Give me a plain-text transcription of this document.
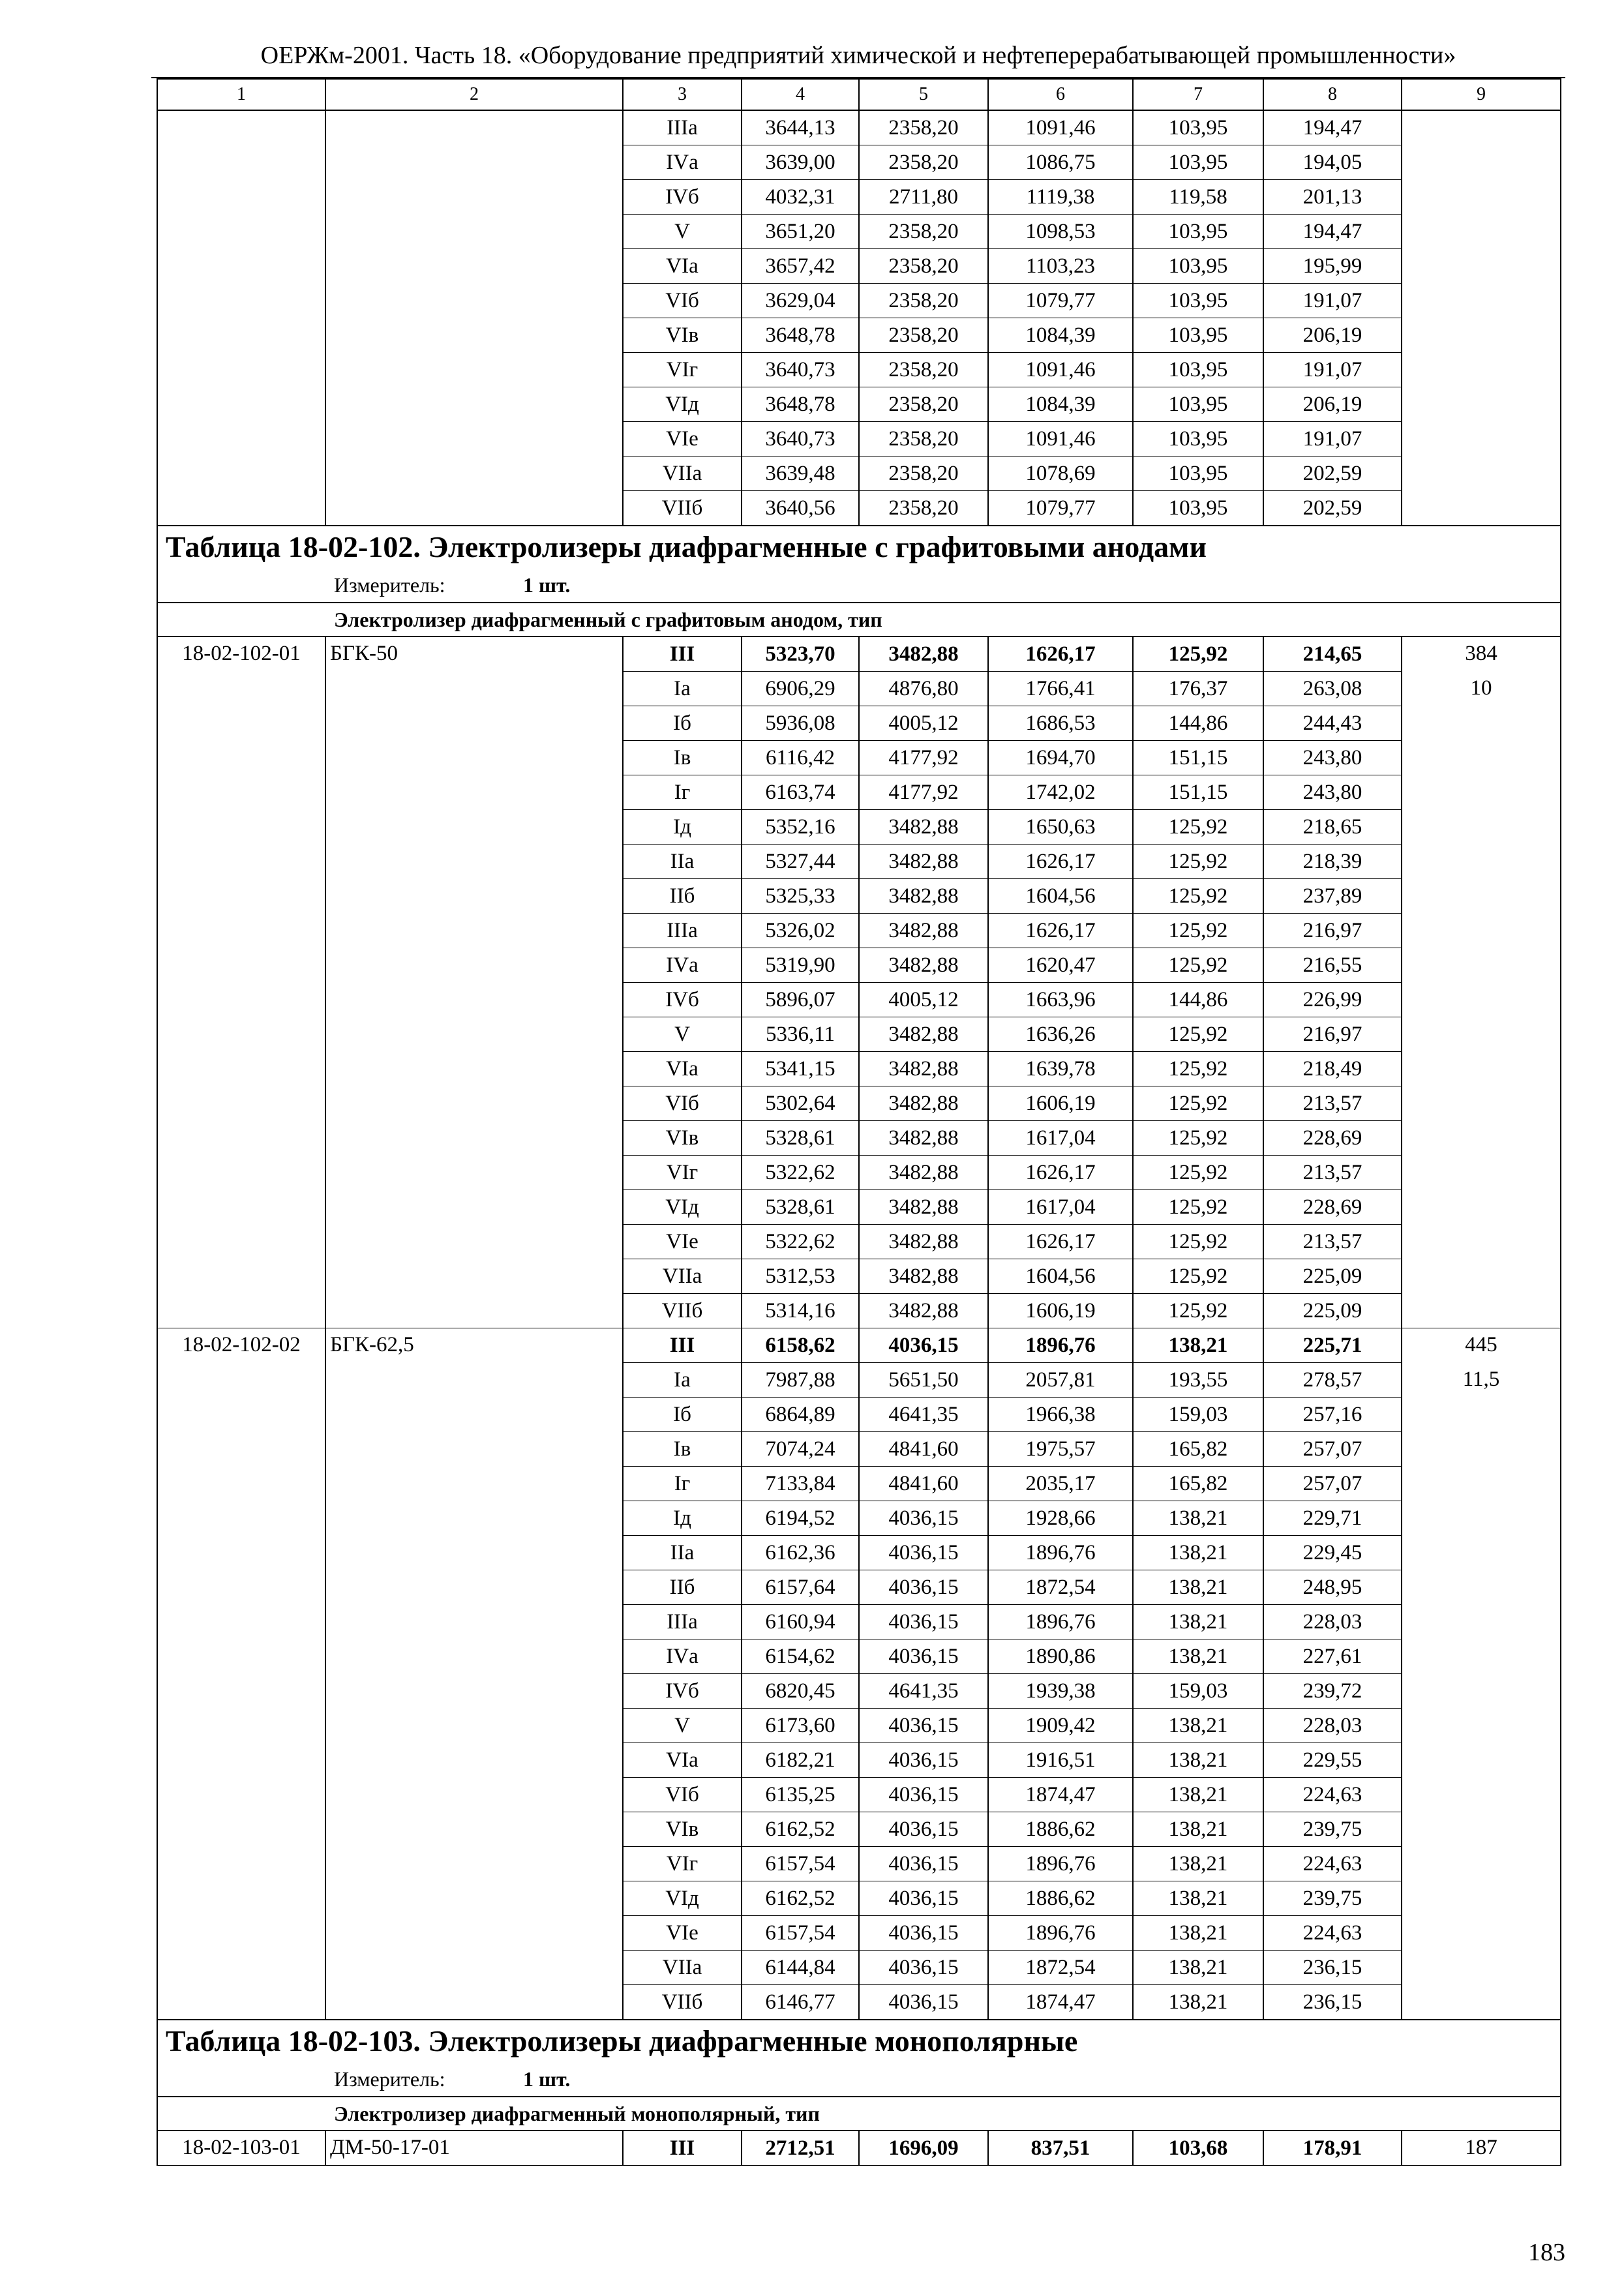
ОЕРЖм-2001. Часть 18. «Оборудование предприятий химической и нефтеперерабатывающей промышленности»
1	2	3	4	5	6	7	8	9
		IIIа	3644,13	2358,20	1091,46	103,95	194,47	
		IVа	3639,00	2358,20	1086,75	103,95	194,05	
		IVб	4032,31	2711,80	1119,38	119,58	201,13	
		V	3651,20	2358,20	1098,53	103,95	194,47	
		VIа	3657,42	2358,20	1103,23	103,95	195,99	
		VIб	3629,04	2358,20	1079,77	103,95	191,07	
		VIв	3648,78	2358,20	1084,39	103,95	206,19	
		VIг	3640,73	2358,20	1091,46	103,95	191,07	
		VIд	3648,78	2358,20	1084,39	103,95	206,19	
		VIе	3640,73	2358,20	1091,46	103,95	191,07	
		VIIа	3639,48	2358,20	1078,69	103,95	202,59	
		VIIб	3640,56	2358,20	1079,77	103,95	202,59	
Таблица 18-02-102. Электролизеры диафрагменные с графитовыми анодами								
Измеритель: 1 шт.								
Электролизер диафрагменный с графитовым анодом, тип								
18-02-102-01	БГК-50	III	5323,70	3482,88	1626,17	125,92	214,65	384
		Iа	6906,29	4876,80	1766,41	176,37	263,08	10
		Iб	5936,08	4005,12	1686,53	144,86	244,43	
		Iв	6116,42	4177,92	1694,70	151,15	243,80	
		Iг	6163,74	4177,92	1742,02	151,15	243,80	
		Iд	5352,16	3482,88	1650,63	125,92	218,65	
		IIа	5327,44	3482,88	1626,17	125,92	218,39	
		IIб	5325,33	3482,88	1604,56	125,92	237,89	
		IIIа	5326,02	3482,88	1626,17	125,92	216,97	
		IVа	5319,90	3482,88	1620,47	125,92	216,55	
		IVб	5896,07	4005,12	1663,96	144,86	226,99	
		V	5336,11	3482,88	1636,26	125,92	216,97	
		VIа	5341,15	3482,88	1639,78	125,92	218,49	
		VIб	5302,64	3482,88	1606,19	125,92	213,57	
		VIв	5328,61	3482,88	1617,04	125,92	228,69	
		VIг	5322,62	3482,88	1626,17	125,92	213,57	
		VIд	5328,61	3482,88	1617,04	125,92	228,69	
		VIе	5322,62	3482,88	1626,17	125,92	213,57	
		VIIа	5312,53	3482,88	1604,56	125,92	225,09	
		VIIб	5314,16	3482,88	1606,19	125,92	225,09	
18-02-102-02	БГК-62,5	III	6158,62	4036,15	1896,76	138,21	225,71	445
		Iа	7987,88	5651,50	2057,81	193,55	278,57	11,5
		Iб	6864,89	4641,35	1966,38	159,03	257,16	
		Iв	7074,24	4841,60	1975,57	165,82	257,07	
		Iг	7133,84	4841,60	2035,17	165,82	257,07	
		Iд	6194,52	4036,15	1928,66	138,21	229,71	
		IIа	6162,36	4036,15	1896,76	138,21	229,45	
		IIб	6157,64	4036,15	1872,54	138,21	248,95	
		IIIа	6160,94	4036,15	1896,76	138,21	228,03	
		IVа	6154,62	4036,15	1890,86	138,21	227,61	
		IVб	6820,45	4641,35	1939,38	159,03	239,72	
		V	6173,60	4036,15	1909,42	138,21	228,03	
		VIа	6182,21	4036,15	1916,51	138,21	229,55	
		VIб	6135,25	4036,15	1874,47	138,21	224,63	
		VIв	6162,52	4036,15	1886,62	138,21	239,75	
		VIг	6157,54	4036,15	1896,76	138,21	224,63	
		VIд	6162,52	4036,15	1886,62	138,21	239,75	
		VIе	6157,54	4036,15	1896,76	138,21	224,63	
		VIIа	6144,84	4036,15	1872,54	138,21	236,15	
		VIIб	6146,77	4036,15	1874,47	138,21	236,15	
Таблица 18-02-103. Электролизеры диафрагменные монополярные								
Измеритель: 1 шт.								
Электролизер диафрагменный монополярный, тип								
18-02-103-01	ДМ-50-17-01	III	2712,51	1696,09	837,51	103,68	178,91	187
183
